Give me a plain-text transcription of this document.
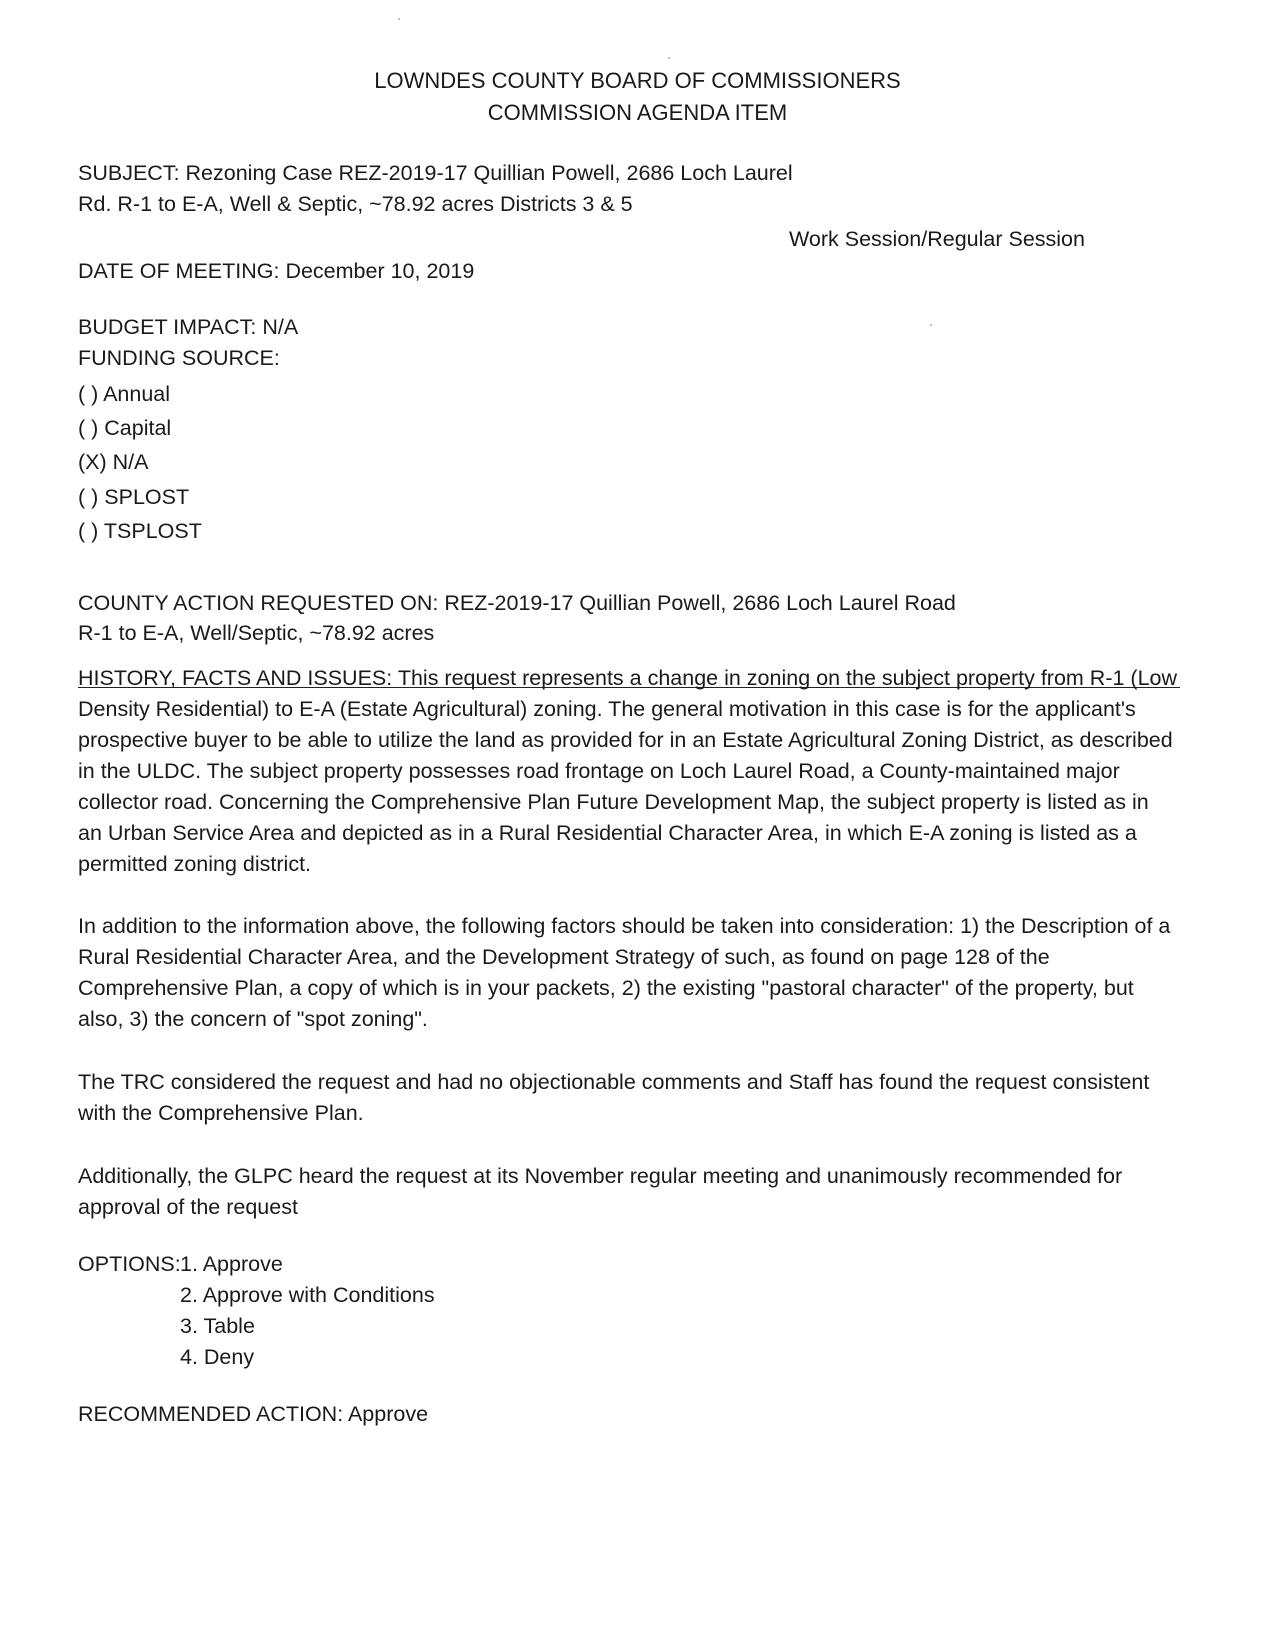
LOWNDES COUNTY BOARD OF COMMISSIONERS
COMMISSION AGENDA ITEM
SUBJECT: Rezoning Case REZ-2019-17 Quillian Powell, 2686 Loch Laurel
Rd. R-1 to E-A, Well & Septic, ~78.92 acres Districts 3 & 5
Work Session/Regular Session
DATE OF MEETING: December 10, 2019
BUDGET IMPACT: N/A
FUNDING SOURCE:
( ) Annual
( ) Capital
(X) N/A
( ) SPLOST
( ) TSPLOST
COUNTY ACTION REQUESTED ON: REZ-2019-17 Quillian Powell, 2686 Loch Laurel Road
R-1 to E-A, Well/Septic, ~78.92 acres
HISTORY, FACTS AND ISSUES: This request represents a change in zoning on the subject property from R-1 (Low Density Residential) to E-A (Estate Agricultural) zoning. The general motivation in this case is for the applicant's prospective buyer to be able to utilize the land as provided for in an Estate Agricultural Zoning District, as described in the ULDC. The subject property possesses road frontage on Loch Laurel Road, a County-maintained major collector road. Concerning the Comprehensive Plan Future Development Map, the subject property is listed as in an Urban Service Area and depicted as in a Rural Residential Character Area, in which E-A zoning is listed as a permitted zoning district.
In addition to the information above, the following factors should be taken into consideration: 1) the Description of a Rural Residential Character Area, and the Development Strategy of such, as found on page 128 of the Comprehensive Plan, a copy of which is in your packets, 2) the existing "pastoral character" of the property, but also, 3) the concern of "spot zoning".
The TRC considered the request and had no objectionable comments and Staff has found the request consistent with the Comprehensive Plan.
Additionally, the GLPC heard the request at its November regular meeting and unanimously recommended for approval of the request
OPTIONS: 1. Approve
2. Approve with Conditions
3. Table
4. Deny
RECOMMENDED ACTION: Approve
